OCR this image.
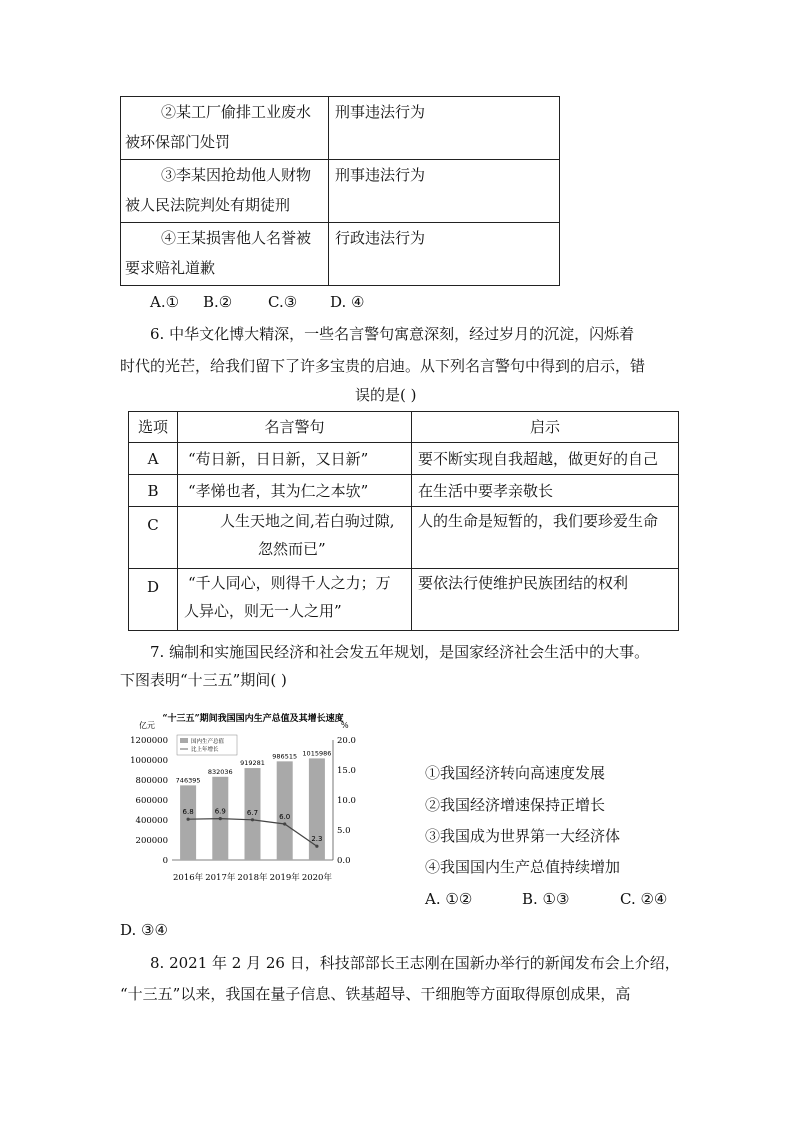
②某工厂偷排工业废水
被环保部门处罚	刑事违法行为

③李某因抢劫他人财物
被人民法院判处有期徒刑	刑事违法行为

④王某损害他人名誉被
要求赔礼道歉	行政违法行为
A.① B.② C.③ D. ④
6. 中华文化博大精深，一些名言警句寓意深刻，经过岁月的沉淀，闪烁着
时代的光芒，给我们留下了许多宝贵的启迪。从下列名言警句中得到的启示，错
误的是( )
选项	名言警句	启示
A	“苟日新，日日新，又日新”	要不断实现自我超越，做更好的自己
B	“孝悌也者，其为仁之本欤”	在生活中要孝亲敬长
C	人生天地之间,若白驹过隙,
忽然而已”	人的生命是短暂的，我们要珍爱生命
D	“千人同心，则得千人之力；万
人异心，则无一人之用”	要依法行使维护民族团结的权利
7. 编制和实施国民经济和社会发五年规划，是国家经济社会生活中的大事。
下图表明“十三五”期间( )
“十三五”期间我国国内生产总值及其增长速度
亿元	%
1200000
1000000
800000
600000
400000
200000
0
20.0
15.0
10.0
5.0
0.0
746395
832036
919281
986515 1015986
6.8	6.9	6.7
6.0
2.3
2016年 2017年 2018年 2019年 2020年
国内生产总值
比上年增长
①我国经济转向高速度发展
②我国经济增速保持正增长
③我国成为世界第一大经济体
④我国国内生产总值持续增加
A. ①②	B. ①③	C. ②④
D. ③④
8. 2021 年 2 月 26 日，科技部部长王志刚在国新办举行的新闻发布会上介绍，
“十三五”以来，我国在量子信息、铁基超导、干细胞等方面取得原创成果，高
